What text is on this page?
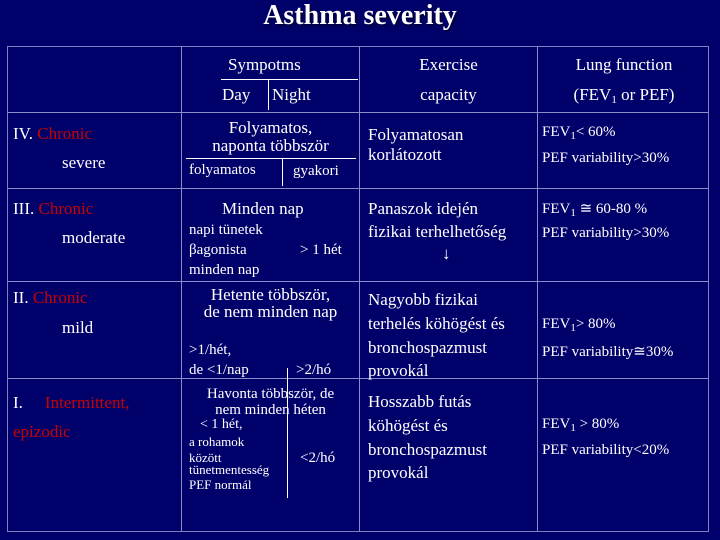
Asthma severity
Sympotms
Day Night
Exercise
capacity
Lung function
($FEV_1$ or PEF)
IV. Chronic
severe
Folyamatos,
naponta többször
folyamatos gyakori
Folyamatosan
korlátozott
$FEV_1< 60\%$
PEF variability>30%
III. Chronic
moderate
Minden nap
napi tünetek
βagonista
minden nap
> 1 hét
Panaszok idején
fizikai terhelhetőség
↓
$FEV_1$ ≅ 60-80 %
PEF variability>30%
II. Chronic
mild
Hetente többször,
de nem minden nap
>1/hét,
de <1/nap	>2/hó
Nagyobb fizikai
terhelés köhögést és
bronchospazmust
provokál
$FEV_1> 80\%$
PEF variability≅30%
I. Intermittent,
epizodic
Havonta többször, de
nem minden héten
< 1 hét,
a rohamok
között
tünetmentesség
PEF normál
<2/hó
Hosszabb futás
köhögést és
bronchospazmust
provokál
$FEV_1 > 80\%$
PEF variability<20%
